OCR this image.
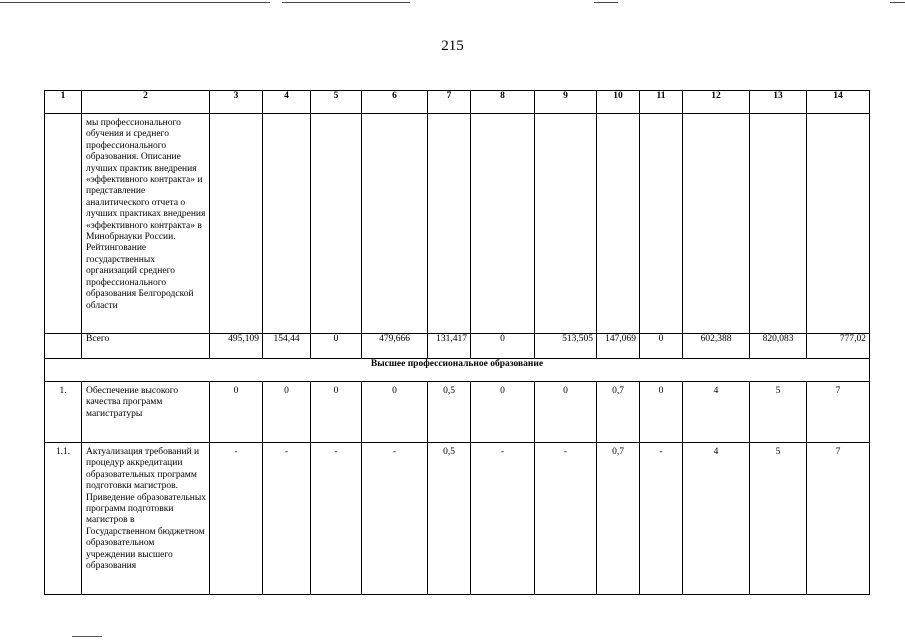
215
1	2	3	4	5	6	7	8	9	10	11	12	13	14
	мы профессионального обучения и среднего профессионального образования. Описание лучших практик внедрения «эффективного контракта» и представление аналитического отчета о лучших практиках внедрения «эффективного контракта» в Минобрнауки России. Рейтингование государственных организаций среднего профессионального образования Белгородской области												
	Всего	495,109	154,44	0	479,666	131,417	0	513,505	147,069	0	602,388	820,083	777,02
Высшее профессиональное образование													
1.	Обеспечение высокого качества программ магистратуры	0	0	0	0	0,5	0	0	0,7	0	4	5	7
1.1.	Актуализация требований и процедур аккредитации образовательных программ подготовки магистров. Приведение образовательных программ подготовки магистров в Государственном бюджетном образовательном учреждении высшего образования	-	-	-	-	0,5	-	-	0,7	-	4	5	7
